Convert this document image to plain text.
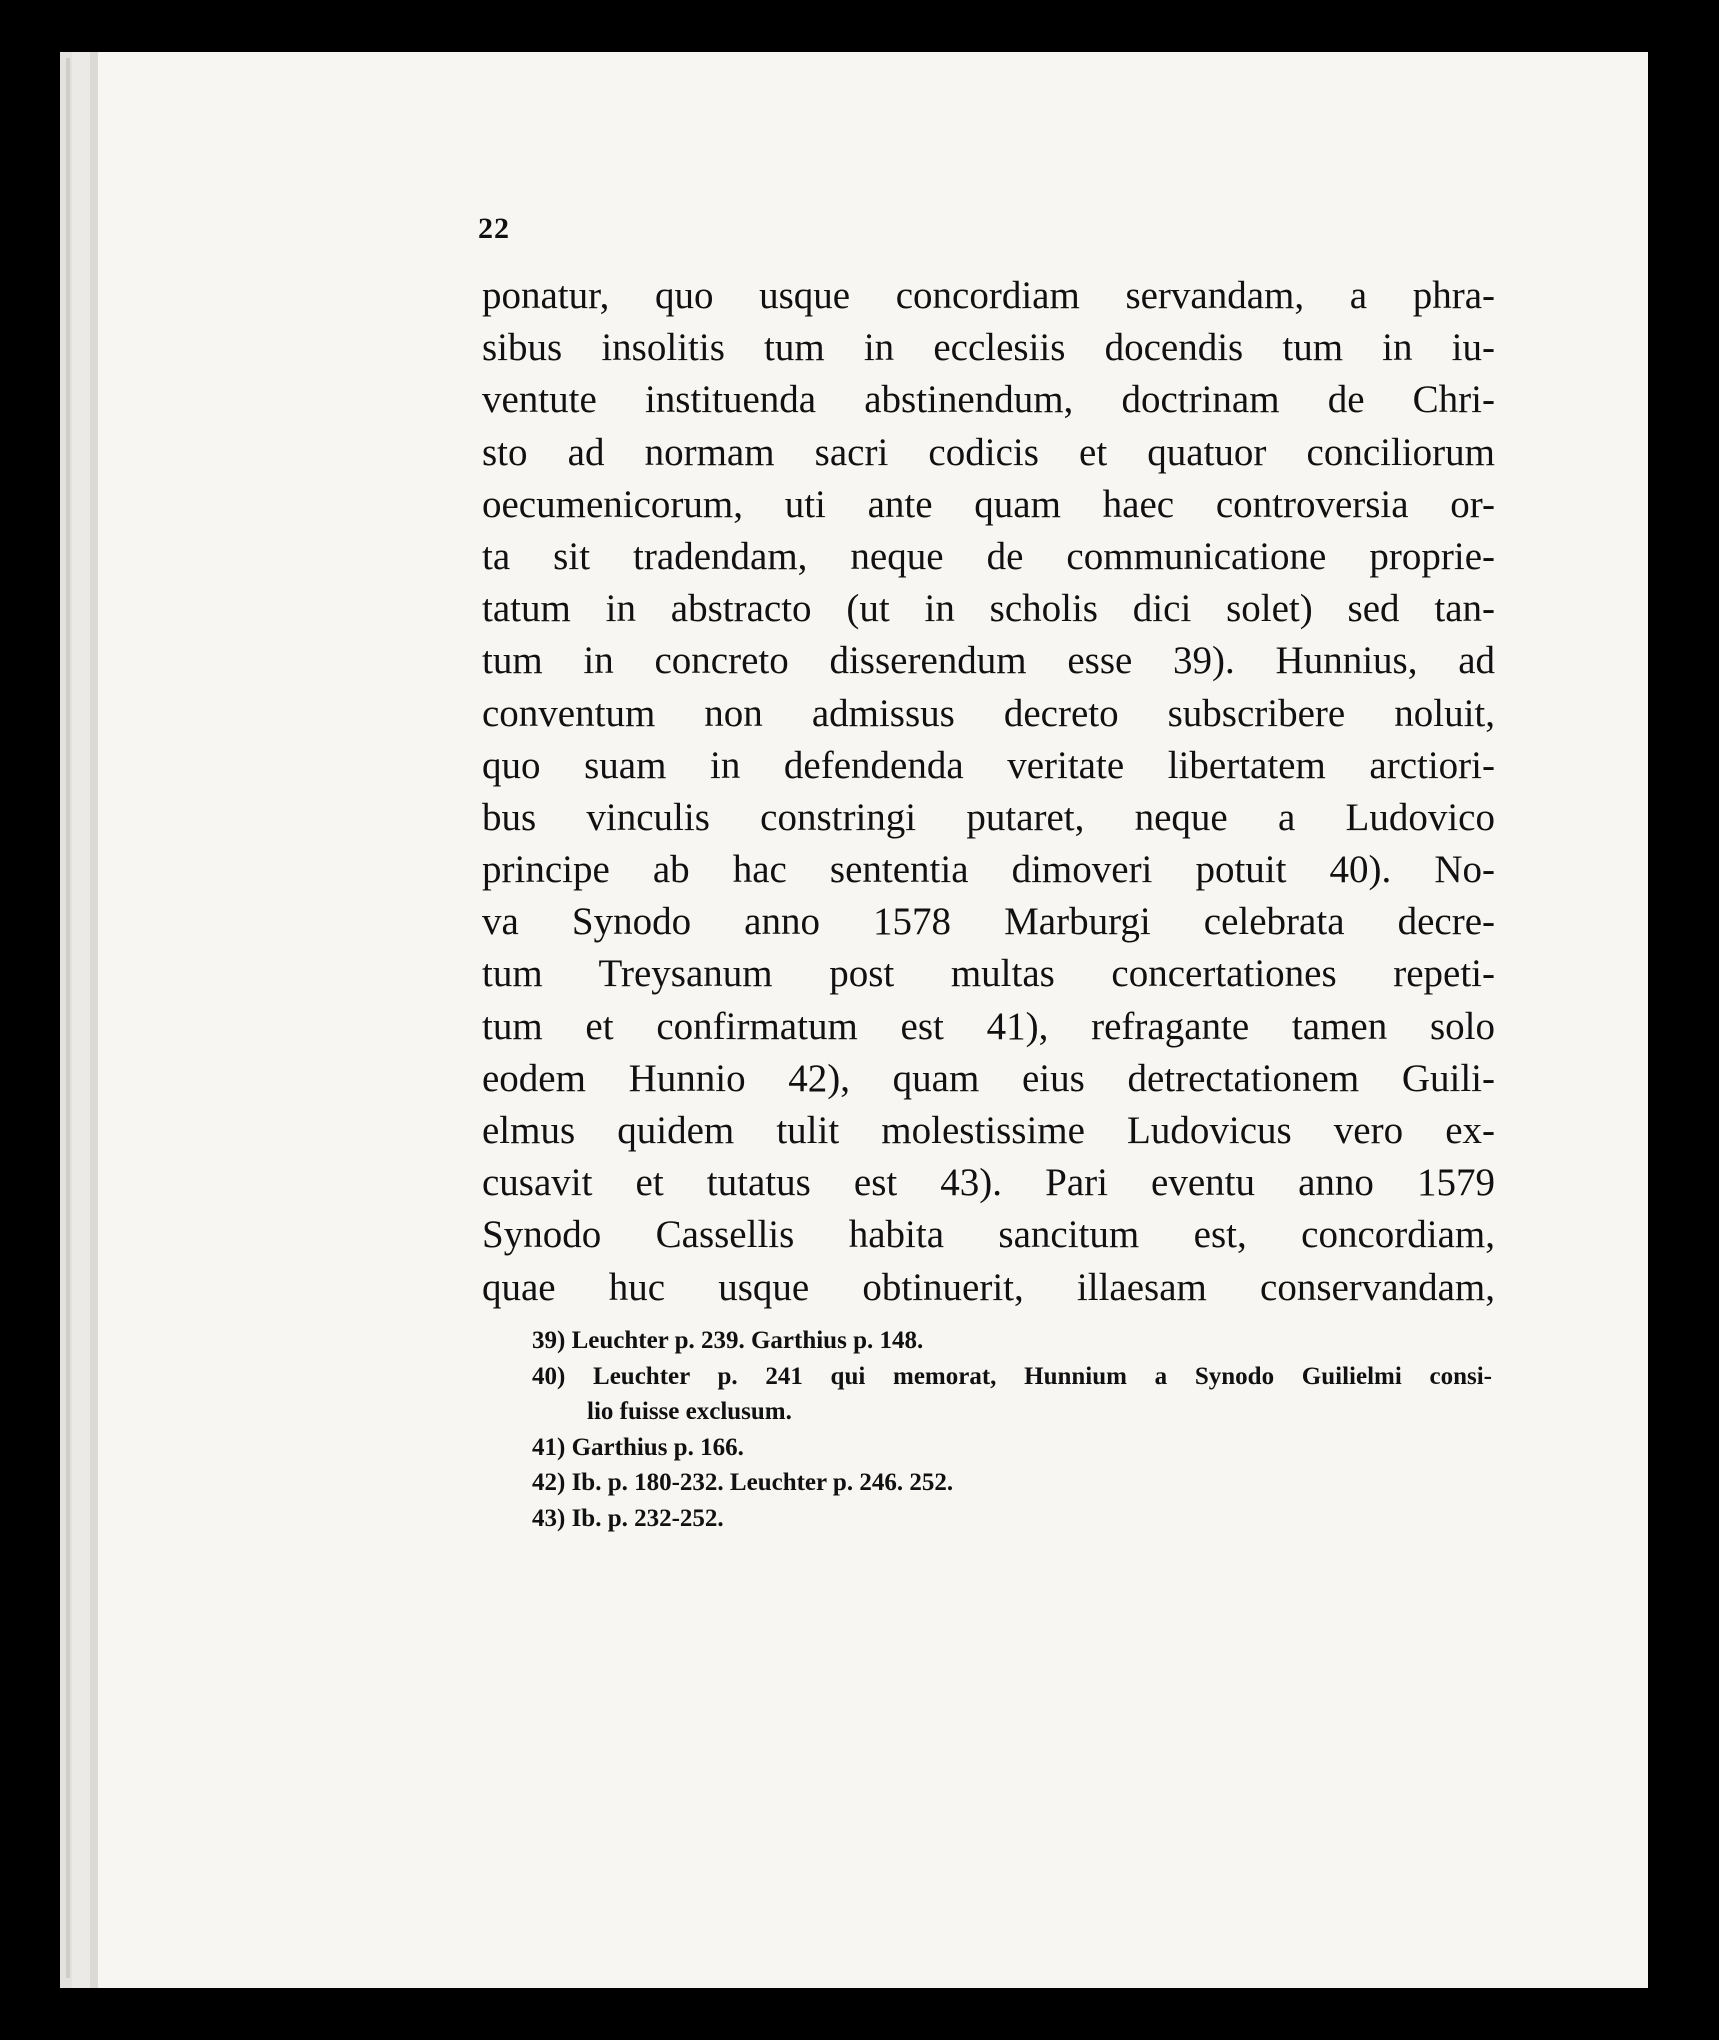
22
ponatur, quo usque concordiam servandam, a phra-
sibus insolitis tum in ecclesiis docendis tum in iu-
ventute instituenda abstinendum, doctrinam de Chri-
sto ad normam sacri codicis et quatuor conciliorum
oecumenicorum, uti ante quam haec controversia or-
ta sit tradendam, neque de communicatione proprie-
tatum in abstracto (ut in scholis dici solet) sed tan-
tum in concreto disserendum esse 39). Hunnius, ad
conventum non admissus decreto subscribere noluit,
quo suam in defendenda veritate libertatem arctiori-
bus vinculis constringi putaret, neque a Ludovico
principe ab hac sententia dimoveri potuit 40). No-
va Synodo anno 1578 Marburgi celebrata decre-
tum Treysanum post multas concertationes repeti-
tum et confirmatum est 41), refragante tamen solo
eodem Hunnio 42), quam eius detrectationem Guili-
elmus quidem tulit molestissime Ludovicus vero ex-
cusavit et tutatus est 43). Pari eventu anno 1579
Synodo Cassellis habita sancitum est, concordiam,
quae huc usque obtinuerit, illaesam conservandam,
39) Leuchter p. 239. Garthius p. 148.
40) Leuchter p. 241 qui memorat, Hunnium a Synodo Guilielmi consi-
lio fuisse exclusum.
41) Garthius p. 166.
42) Ib. p. 180-232. Leuchter p. 246. 252.
43) Ib. p. 232-252.
